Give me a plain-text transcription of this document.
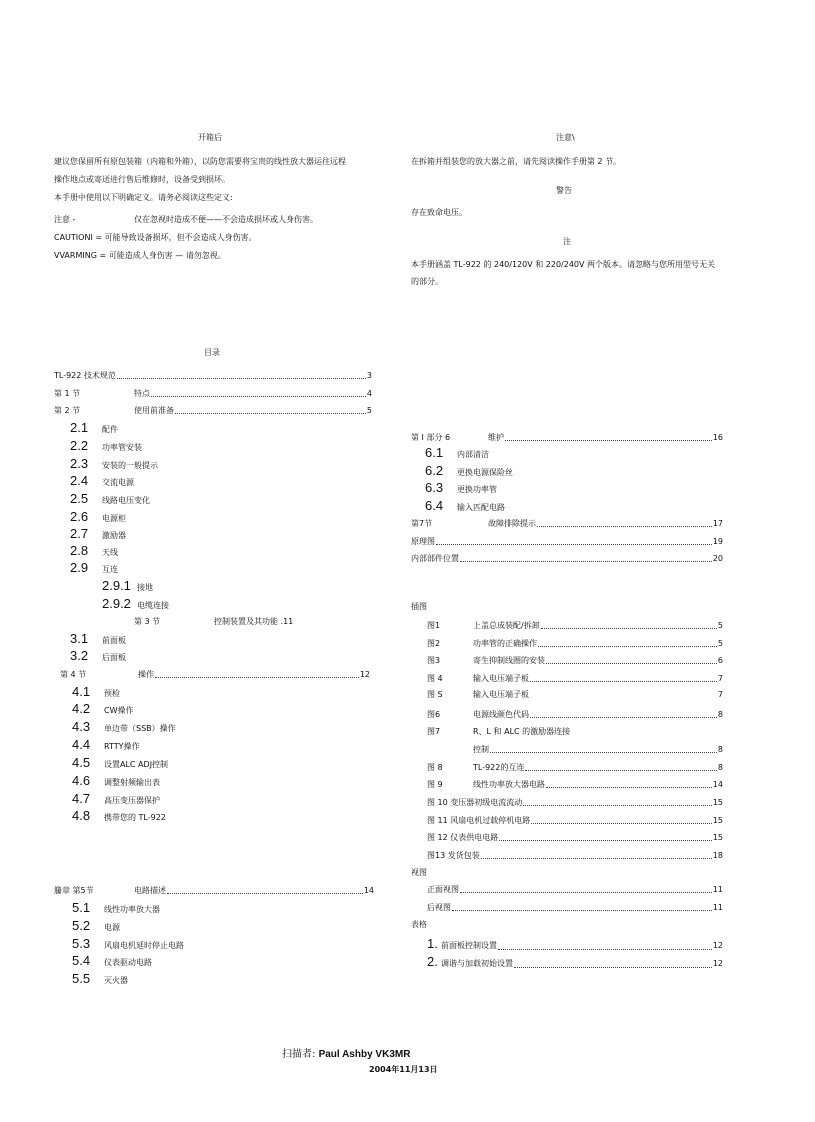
开箱后
建议您保留所有原包装箱（内箱和外箱），以防您需要将宝贵的线性放大器运往远程
操作地点或寄送进行售后维修时，设备受到损坏。
本手册中使用以下明确定义。请务必阅读这些定义:
注意 -	仅在忽视时造成不便——不会造成损坏或人身伤害。
CAUTIONI = 可能导致设备损坏，但不会造成人身伤害。
VVARMING = 可能造成人身伤害 — 请勿忽视。
注意\
在拆箱并组装您的放大器之前，请先阅读操作手册第 2 节。
警告
存在致命电压。
注
本手册涵盖 TL-922 的 240/120V 和 220/240V 两个版本。请忽略与您所用型号无关
的部分。
目录
TL-922 技术规范	3
第 1 节	特点	4
第 2 节	使用前准备	5
2.1 配件
2.2 功率管安装
2.3 安装的一般提示
2.4 交流电源
2.5 线路电压变化
2.6 电源柜
2.7 激励器
2.8 天线
2.9 互连
2.9.1 接地
2.9.2 电缆连接
第 3 节	控制装置及其功能 .11
3.1 前面板
3.2 后面板
第 4 节	操作	12
4.1 预检
4.2 CW操作
4.3 单边带（SSB）操作
4.4 RTTY操作
4.5 设置ALC ADJ控制
4.6 调整射频输出表
4.7 高压变压器保护
4.8 携带您的 TL-922
籘章 第5节	电路描述	14
5.1 线性功率放大器
5.2 电源
5.3 风扇电机延时停止电路
5.4 仪表驱动电路
5.5 灭火器
第 I 部分 6	维护	16
6.1 内部清洁
6.2 更换电源保险丝
6.3 更换功率管
6.4 输入匹配电路
第7节	故障排除提示	17
原理图	19
内部部件位置	20
插图
图1	上盖总成装配/拆卸	5
图2	功率管的正确操作	5
图3	寄生抑制线圈的安装	6
图 4	输入电压端子板	7
图 S	输入电压端子板	7
图6	电源线颜色代码	8
图7	R、L 和 ALC 的激励器连接
控制	8
图 8	TL-922的互连	8
图 9	线性功率放大器电路	14
图 10 变压器初级电流流动	15
图 11 风扇电机过载停机电路	15
图 12 仪表供电电路	15
图13 发货包装	18
视图
正面视图	11
后视图	11
表格
1. 前面板控制设置	12
2. 调谐与加载初始设置	12
扫描者: Paul Ashby VK3MR
2004年11月13日
